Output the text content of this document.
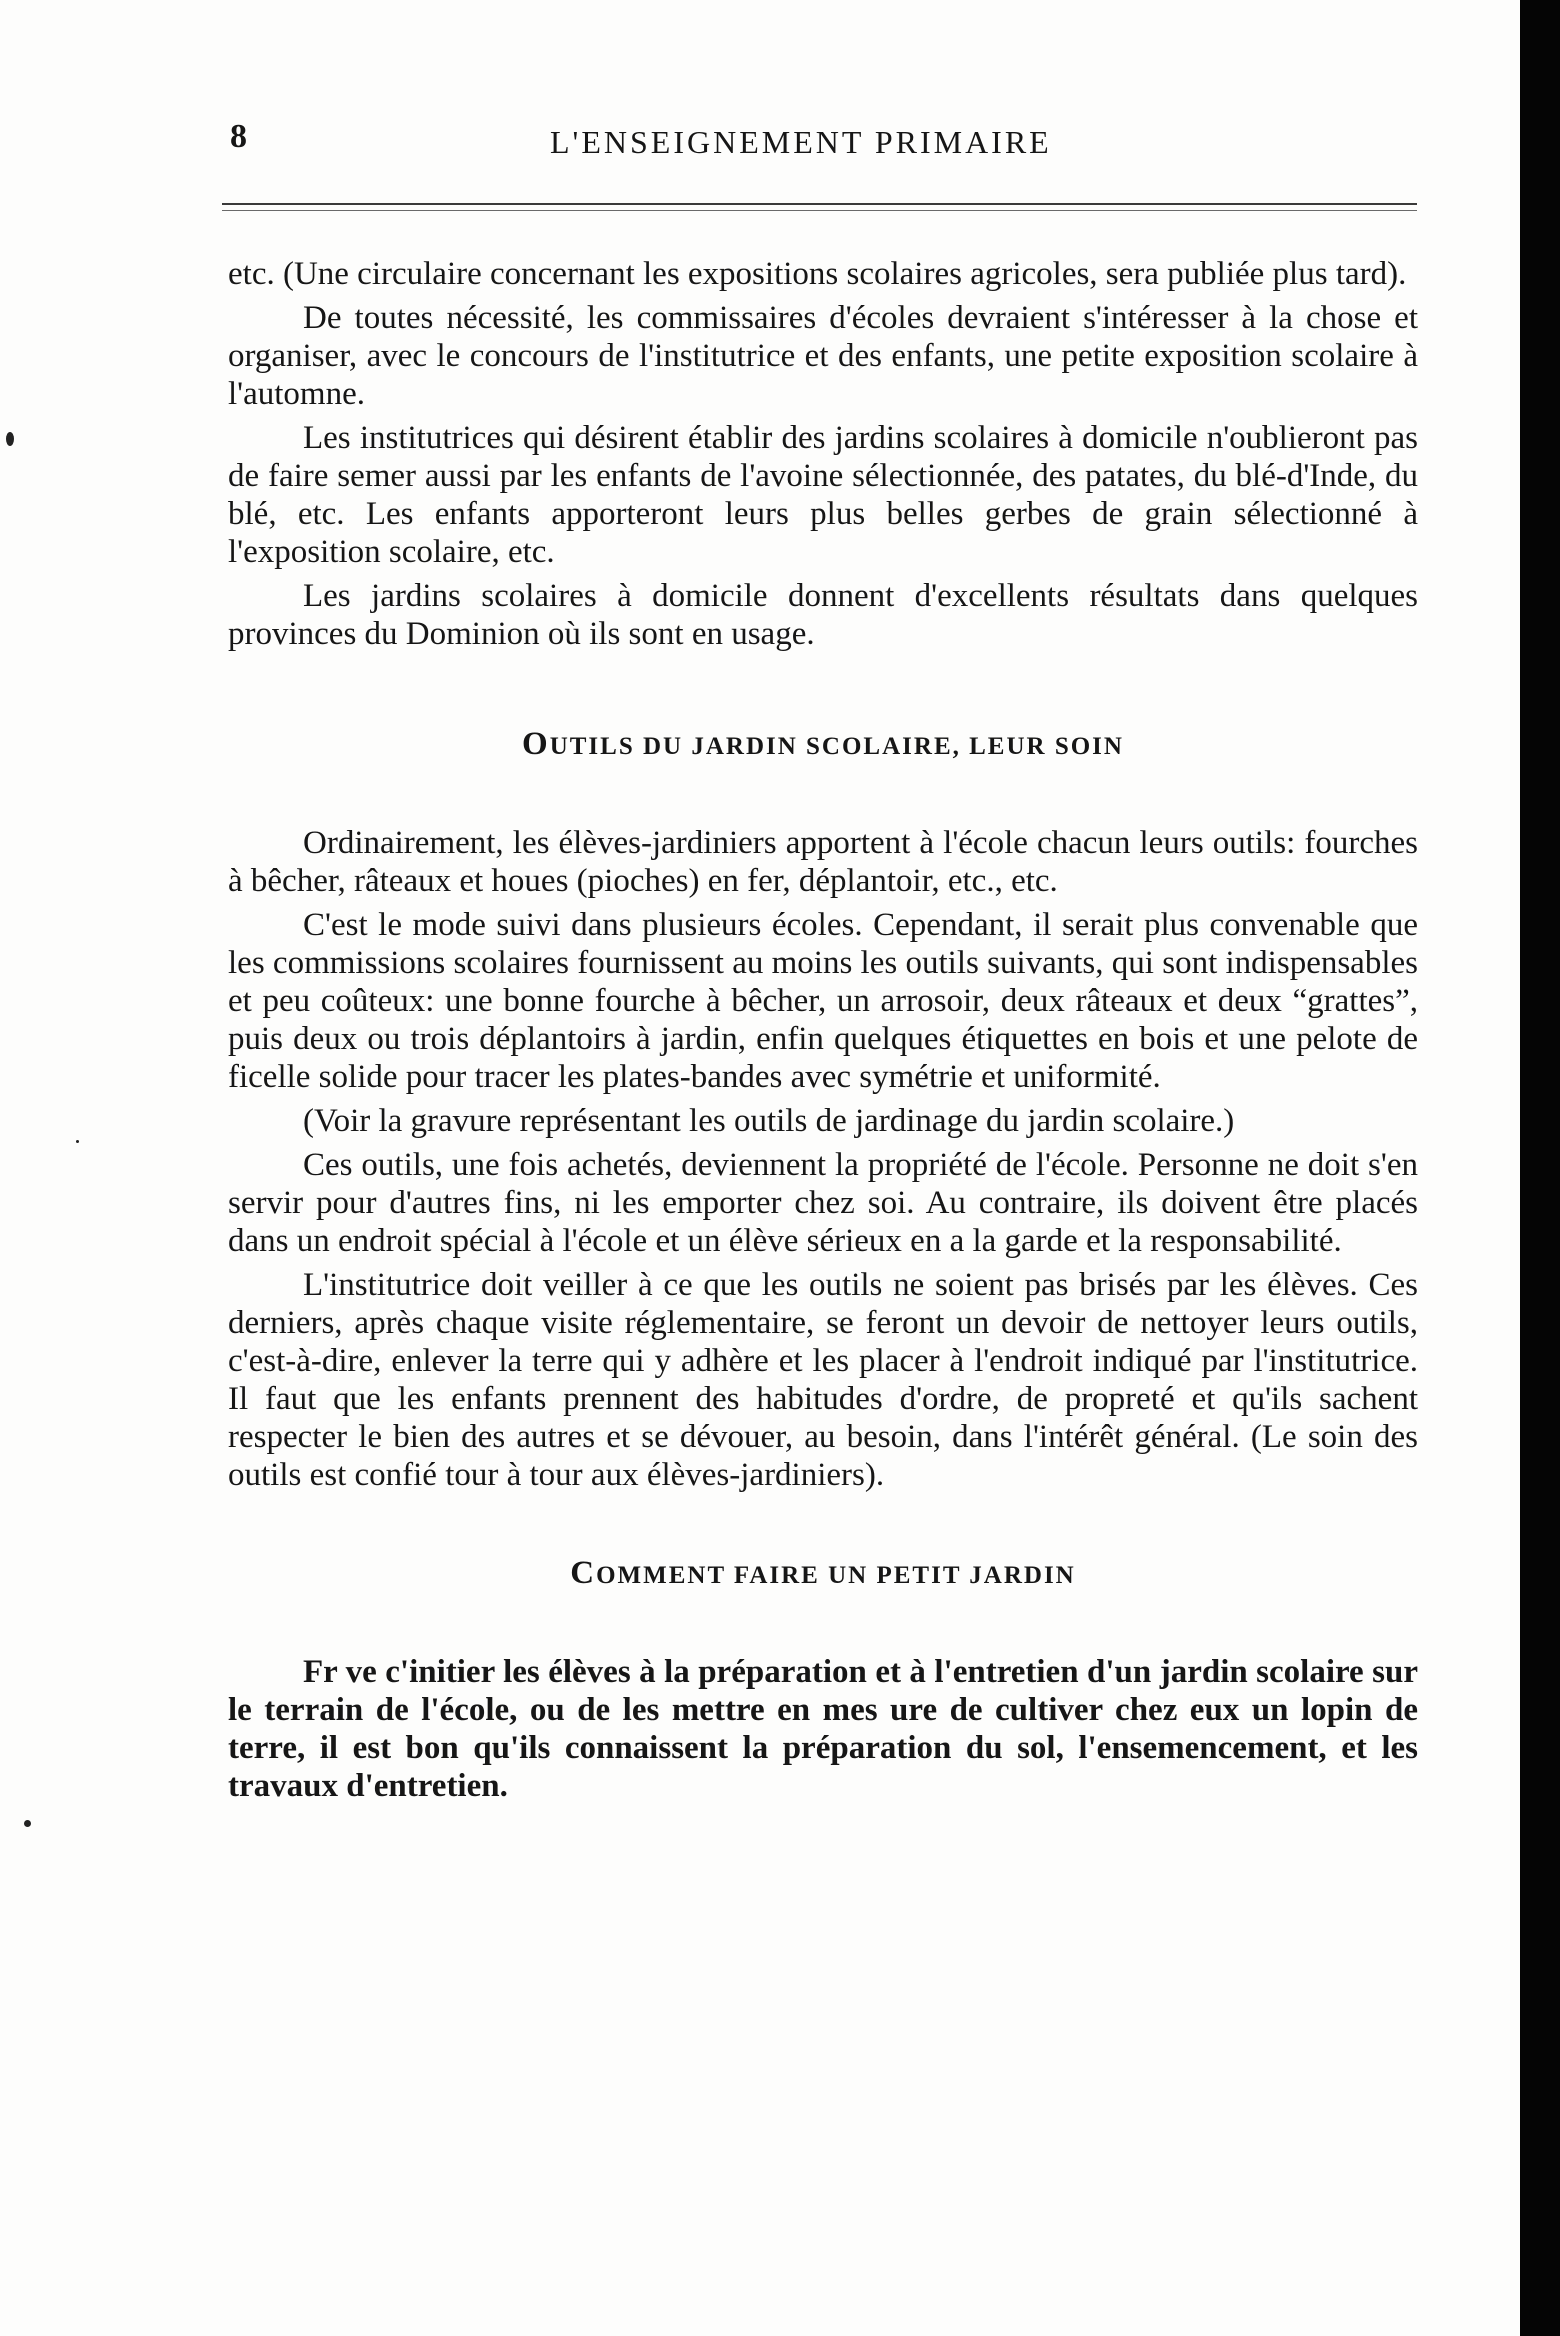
8	L'ENSEIGNEMENT PRIMAIRE

etc. (Une circulaire concernant les expositions scolaires agricoles, sera publiée plus tard).

De toutes nécessité, les commissaires d'écoles devraient s'intéresser à la chose et organiser, avec le concours de l'institutrice et des enfants, une petite exposition scolaire à l'automne.

Les institutrices qui désirent établir des jardins scolaires à domicile n'oublieront pas de faire semer aussi par les enfants de l'avoine sélectionnée, des patates, du blé-d'Inde, du blé, etc. Les enfants apporteront leurs plus belles gerbes de grain sélectionné à l'exposition scolaire, etc.

Les jardins scolaires à domicile donnent d'excellents résultats dans quelques provinces du Dominion où ils sont en usage.

OUTILS DU JARDIN SCOLAIRE, LEUR SOIN

Ordinairement, les élèves-jardiniers apportent à l'école chacun leurs outils: fourches à bêcher, râteaux et houes (pioches) en fer, déplantoir, etc., etc.

C'est le mode suivi dans plusieurs écoles. Cependant, il serait plus convenable que les commissions scolaires fournissent au moins les outils suivants, qui sont indispensables et peu coûteux: une bonne fourche à bêcher, un arrosoir, deux râteaux et deux “grattes”, puis deux ou trois déplantoirs à jardin, enfin quelques étiquettes en bois et une pelote de ficelle solide pour tracer les plates-bandes avec symétrie et uniformité.

(Voir la gravure représentant les outils de jardinage du jardin scolaire.)

Ces outils, une fois achetés, deviennent la propriété de l'école. Personne ne doit s'en servir pour d'autres fins, ni les emporter chez soi. Au contraire, ils doivent être placés dans un endroit spécial à l'école et un élève sérieux en a la garde et la responsabilité.

L'institutrice doit veiller à ce que les outils ne soient pas brisés par les élèves. Ces derniers, après chaque visite réglementaire, se feront un devoir de nettoyer leurs outils, c'est-à-dire, enlever la terre qui y adhère et les placer à l'endroit indiqué par l'institutrice. Il faut que les enfants prennent des habitudes d'ordre, de propreté et qu'ils sachent respecter le bien des autres et se dévouer, au besoin, dans l'intérêt général. (Le soin des outils est confié tour à tour aux élèves-jardiniers).

COMMENT FAIRE UN PETIT JARDIN

Fr ve c'initier les élèves à la préparation et à l'entretien d'un jardin scolaire sur le terrain de l'école, ou de les mettre en mes ure de cultiver chez eux un lopin de terre, il est bon qu'ils connaissent la préparation du sol, l'ensemencement, et les travaux d'entretien.
